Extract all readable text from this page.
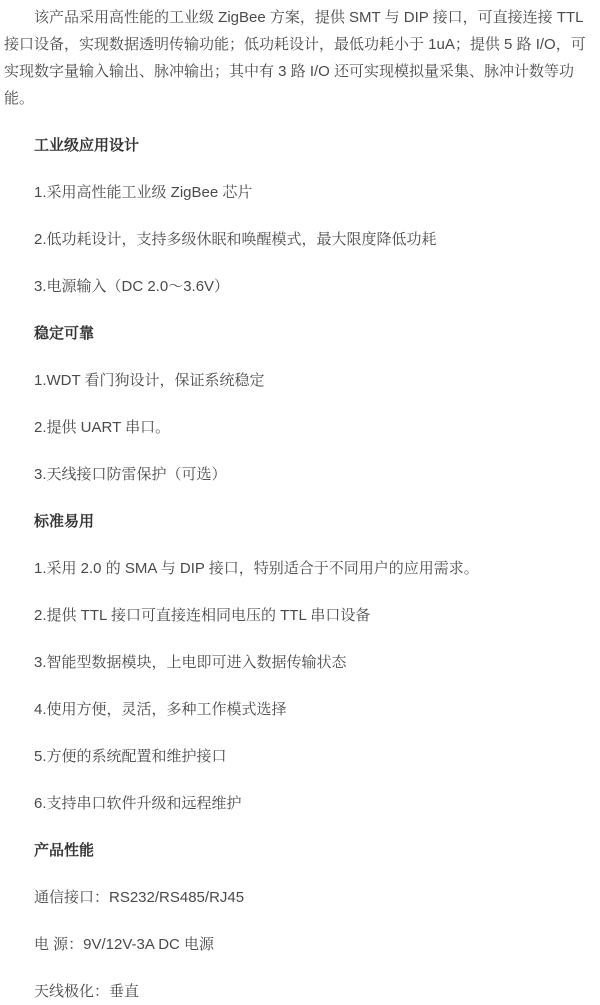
该产品采用高性能的工业级 ZigBee 方案，提供 SMT 与 DIP 接口，可直接连接 TTL 接口设备，实现数据透明传输功能；低功耗设计，最低功耗小于 1uA；提供 5 路 I/O，可实现数字量输入输出、脉冲输出；其中有 3 路 I/O 还可实现模拟量采集、脉冲计数等功能。

工业级应用设计

1.采用高性能工业级 ZigBee 芯片

2.低功耗设计，支持多级休眠和唤醒模式，最大限度降低功耗

3.电源输入（DC 2.0～3.6V）

稳定可靠

1.WDT 看门狗设计，保证系统稳定

2.提供 UART 串口。

3.天线接口防雷保护（可选）

标准易用

1.采用 2.0 的 SMA 与 DIP 接口，特别适合于不同用户的应用需求。

2.提供 TTL 接口可直接连相同电压的 TTL 串口设备

3.智能型数据模块，上电即可进入数据传输状态

4.使用方便，灵活，多种工作模式选择

5.方便的系统配置和维护接口

6.支持串口软件升级和远程维护

产品性能

通信接口：RS232/RS485/RJ45

电 源：9V/12V-3A DC 电源

天线极化：垂直
